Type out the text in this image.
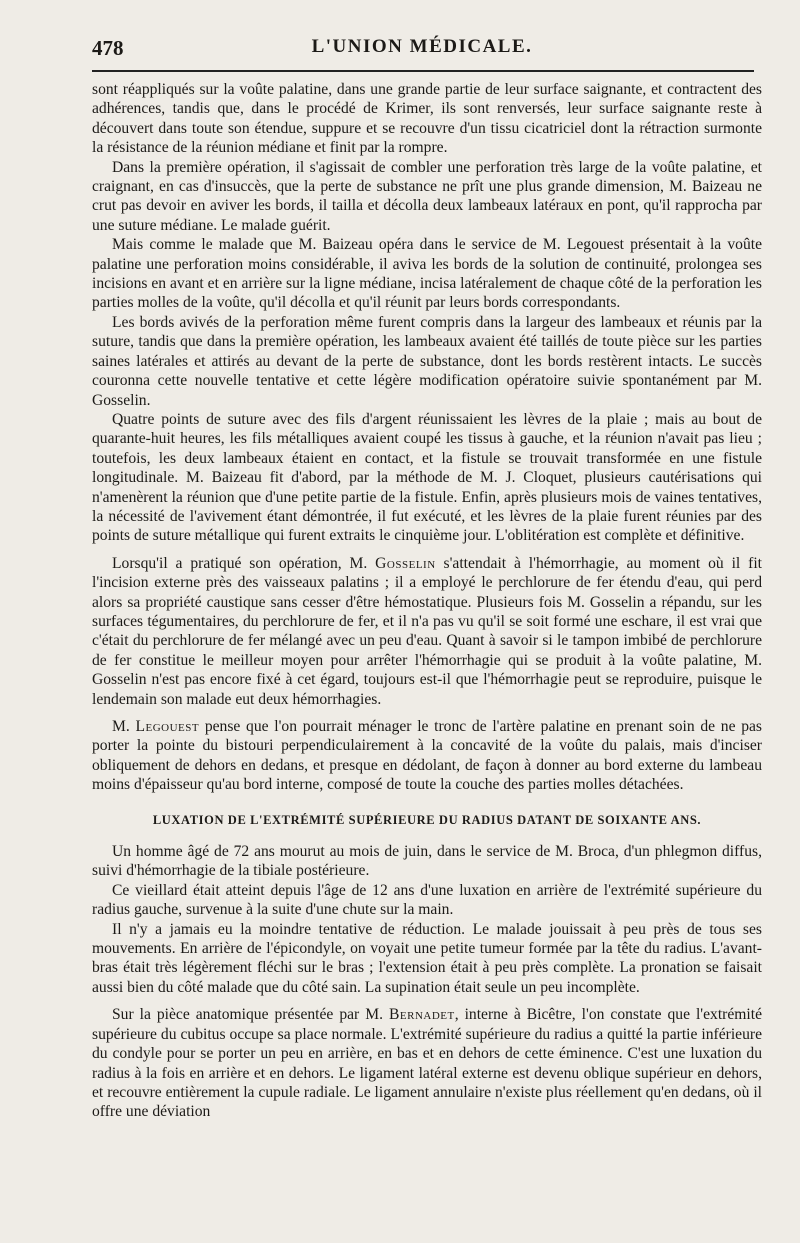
478	L'UNION MÉDICALE.

sont réappliqués sur la voûte palatine, dans une grande partie de leur surface saignante, et contractent des adhérences, tandis que, dans le procédé de Krimer, ils sont renversés, leur surface saignante reste à découvert dans toute son étendue, suppure et se recouvre d'un tissu cicatriciel dont la rétraction surmonte la résistance de la réunion médiane et finit par la rompre.

Dans la première opération, il s'agissait de combler une perforation très large de la voûte palatine, et craignant, en cas d'insuccès, que la perte de substance ne prît une plus grande dimension, M. Baizeau ne crut pas devoir en aviver les bords, il tailla et décolla deux lambeaux latéraux en pont, qu'il rapprocha par une suture médiane. Le malade guérit.

Mais comme le malade que M. Baizeau opéra dans le service de M. Legouest présentait à la voûte palatine une perforation moins considérable, il aviva les bords de la solution de continuité, prolongea ses incisions en avant et en arrière sur la ligne médiane, incisa latéralement de chaque côté de la perforation les parties molles de la voûte, qu'il décolla et qu'il réunit par leurs bords correspondants.

Les bords avivés de la perforation même furent compris dans la largeur des lambeaux et réunis par la suture, tandis que dans la première opération, les lambeaux avaient été taillés de toute pièce sur les parties saines latérales et attirés au devant de la perte de substance, dont les bords restèrent intacts. Le succès couronna cette nouvelle tentative et cette légère modification opératoire suivie spontanément par M. Gosselin.

Quatre points de suture avec des fils d'argent réunissaient les lèvres de la plaie ; mais au bout de quarante-huit heures, les fils métalliques avaient coupé les tissus à gauche, et la réunion n'avait pas lieu ; toutefois, les deux lambeaux étaient en contact, et la fistule se trouvait transformée en une fistule longitudinale. M. Baizeau fit d'abord, par la méthode de M. J. Cloquet, plusieurs cautérisations qui n'amenèrent la réunion que d'une petite partie de la fistule. Enfin, après plusieurs mois de vaines tentatives, la nécessité de l'avivement étant démontrée, il fut exécuté, et les lèvres de la plaie furent réunies par des points de suture métallique qui furent extraits le cinquième jour. L'oblitération est complète et définitive.

Lorsqu'il a pratiqué son opération, M. Gosselin s'attendait à l'hémorrhagie, au moment où il fit l'incision externe près des vaisseaux palatins ; il a employé le perchlorure de fer étendu d'eau, qui perd alors sa propriété caustique sans cesser d'être hémostatique. Plusieurs fois M. Gosselin a répandu, sur les surfaces tégumentaires, du perchlorure de fer, et il n'a pas vu qu'il se soit formé une eschare, il est vrai que c'était du perchlorure de fer mélangé avec un peu d'eau. Quant à savoir si le tampon imbibé de perchlorure de fer constitue le meilleur moyen pour arrêter l'hémorrhagie qui se produit à la voûte palatine, M. Gosselin n'est pas encore fixé à cet égard, toujours est-il que l'hémorrhagie peut se reproduire, puisque le lendemain son malade eut deux hémorrhagies.

M. Legouest pense que l'on pourrait ménager le tronc de l'artère palatine en prenant soin de ne pas porter la pointe du bistouri perpendiculairement à la concavité de la voûte du palais, mais d'inciser obliquement de dehors en dedans, et presque en dédolant, de façon à donner au bord externe du lambeau moins d'épaisseur qu'au bord interne, composé de toute la couche des parties molles détachées.

LUXATION DE L'EXTRÉMITÉ SUPÉRIEURE DU RADIUS DATANT DE SOIXANTE ANS.

Un homme âgé de 72 ans mourut au mois de juin, dans le service de M. Broca, d'un phlegmon diffus, suivi d'hémorrhagie de la tibiale postérieure.

Ce vieillard était atteint depuis l'âge de 12 ans d'une luxation en arrière de l'extrémité supérieure du radius gauche, survenue à la suite d'une chute sur la main.

Il n'y a jamais eu la moindre tentative de réduction. Le malade jouissait à peu près de tous ses mouvements. En arrière de l'épicondyle, on voyait une petite tumeur formée par la tête du radius. L'avant-bras était très légèrement fléchi sur le bras ; l'extension était à peu près complète. La pronation se faisait aussi bien du côté malade que du côté sain. La supination était seule un peu incomplète.

Sur la pièce anatomique présentée par M. Bernadet, interne à Bicêtre, l'on constate que l'extrémité supérieure du cubitus occupe sa place normale. L'extrémité supérieure du radius a quitté la partie inférieure du condyle pour se porter un peu en arrière, en bas et en dehors de cette éminence. C'est une luxation du radius à la fois en arrière et en dehors. Le ligament latéral externe est devenu oblique supérieur en dehors, et recouvre entièrement la cupule radiale. Le ligament annulaire n'existe plus réellement qu'en dedans, où il offre une déviation
